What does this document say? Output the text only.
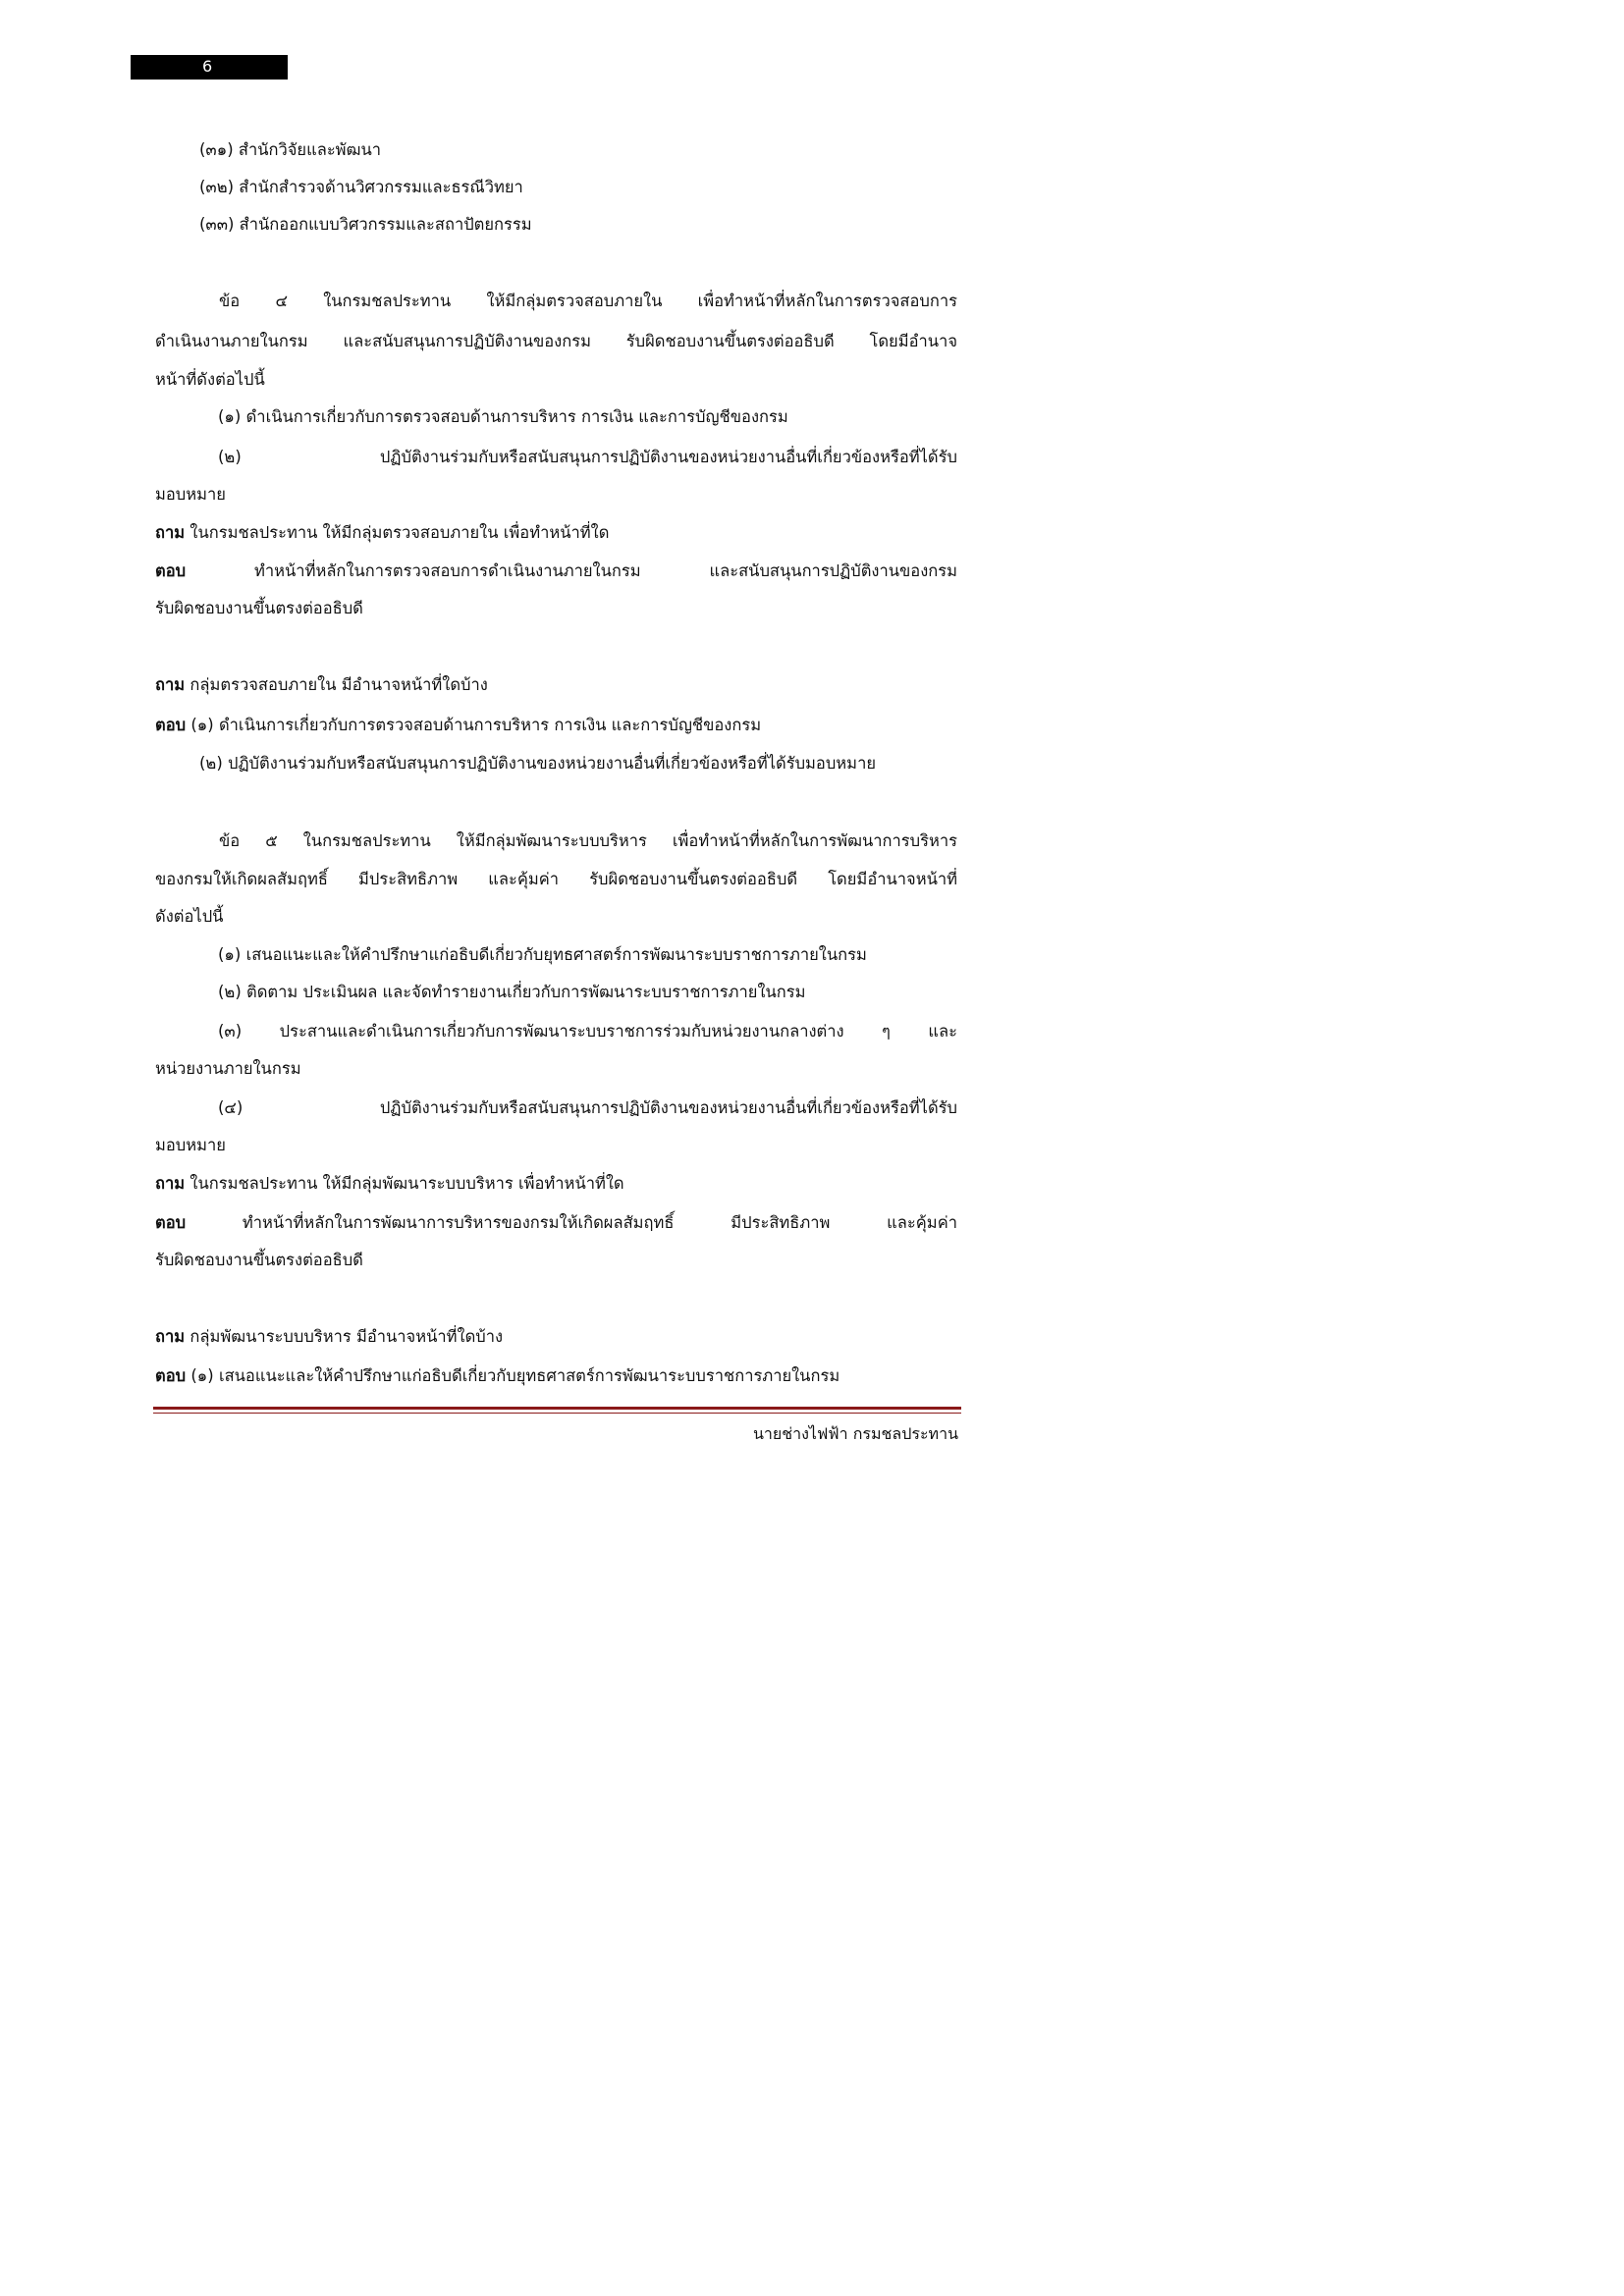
6
(๓๑) สำนักวิจัยและพัฒนา
(๓๒) สำนักสำรวจด้านวิศวกรรมและธรณีวิทยา
(๓๓) สำนักออกแบบวิศวกรรมและสถาปัตยกรรม
ข้อ ๔ ในกรมชลประทาน ให้มีกลุ่มตรวจสอบภายใน เพื่อทำหน้าที่หลักในการตรวจสอบการ
ดำเนินงานภายในกรม และสนับสนุนการปฏิบัติงานของกรม รับผิดชอบงานขึ้นตรงต่ออธิบดี โดยมีอำนาจ
หน้าที่ดังต่อไปนี้
(๑) ดำเนินการเกี่ยวกับการตรวจสอบด้านการบริหาร การเงิน และการบัญชีของกรม
(๒) ปฏิบัติงานร่วมกับหรือสนับสนุนการปฏิบัติงานของหน่วยงานอื่นที่เกี่ยวข้องหรือที่ได้รับ
มอบหมาย
ถาม ในกรมชลประทาน ให้มีกลุ่มตรวจสอบภายใน เพื่อทำหน้าที่ใด
ตอบ ทำหน้าที่หลักในการตรวจสอบการดำเนินงานภายในกรม และสนับสนุนการปฏิบัติงานของกรม
รับผิดชอบงานขึ้นตรงต่ออธิบดี
ถาม กลุ่มตรวจสอบภายใน มีอำนาจหน้าที่ใดบ้าง
ตอบ (๑) ดำเนินการเกี่ยวกับการตรวจสอบด้านการบริหาร การเงิน และการบัญชีของกรม
(๒) ปฏิบัติงานร่วมกับหรือสนับสนุนการปฏิบัติงานของหน่วยงานอื่นที่เกี่ยวข้องหรือที่ได้รับมอบหมาย
ข้อ ๕ ในกรมชลประทาน ให้มีกลุ่มพัฒนาระบบบริหาร เพื่อทำหน้าที่หลักในการพัฒนาการบริหาร
ของกรมให้เกิดผลสัมฤทธิ์ มีประสิทธิภาพ และคุ้มค่า รับผิดชอบงานขึ้นตรงต่ออธิบดี โดยมีอำนาจหน้าที่
ดังต่อไปนี้
(๑) เสนอแนะและให้คำปรึกษาแก่อธิบดีเกี่ยวกับยุทธศาสตร์การพัฒนาระบบราชการภายในกรม
(๒) ติดตาม ประเมินผล และจัดทำรายงานเกี่ยวกับการพัฒนาระบบราชการภายในกรม
(๓) ประสานและดำเนินการเกี่ยวกับการพัฒนาระบบราชการร่วมกับหน่วยงานกลางต่าง ๆ และ
หน่วยงานภายในกรม
(๔) ปฏิบัติงานร่วมกับหรือสนับสนุนการปฏิบัติงานของหน่วยงานอื่นที่เกี่ยวข้องหรือที่ได้รับ
มอบหมาย
ถาม ในกรมชลประทาน ให้มีกลุ่มพัฒนาระบบบริหาร เพื่อทำหน้าที่ใด
ตอบ ทำหน้าที่หลักในการพัฒนาการบริหารของกรมให้เกิดผลสัมฤทธิ์ มีประสิทธิภาพ และคุ้มค่า
รับผิดชอบงานขึ้นตรงต่ออธิบดี
ถาม กลุ่มพัฒนาระบบบริหาร มีอำนาจหน้าที่ใดบ้าง
ตอบ (๑) เสนอแนะและให้คำปรึกษาแก่อธิบดีเกี่ยวกับยุทธศาสตร์การพัฒนาระบบราชการภายในกรม
นายช่างไฟฟ้า กรมชลประทาน
